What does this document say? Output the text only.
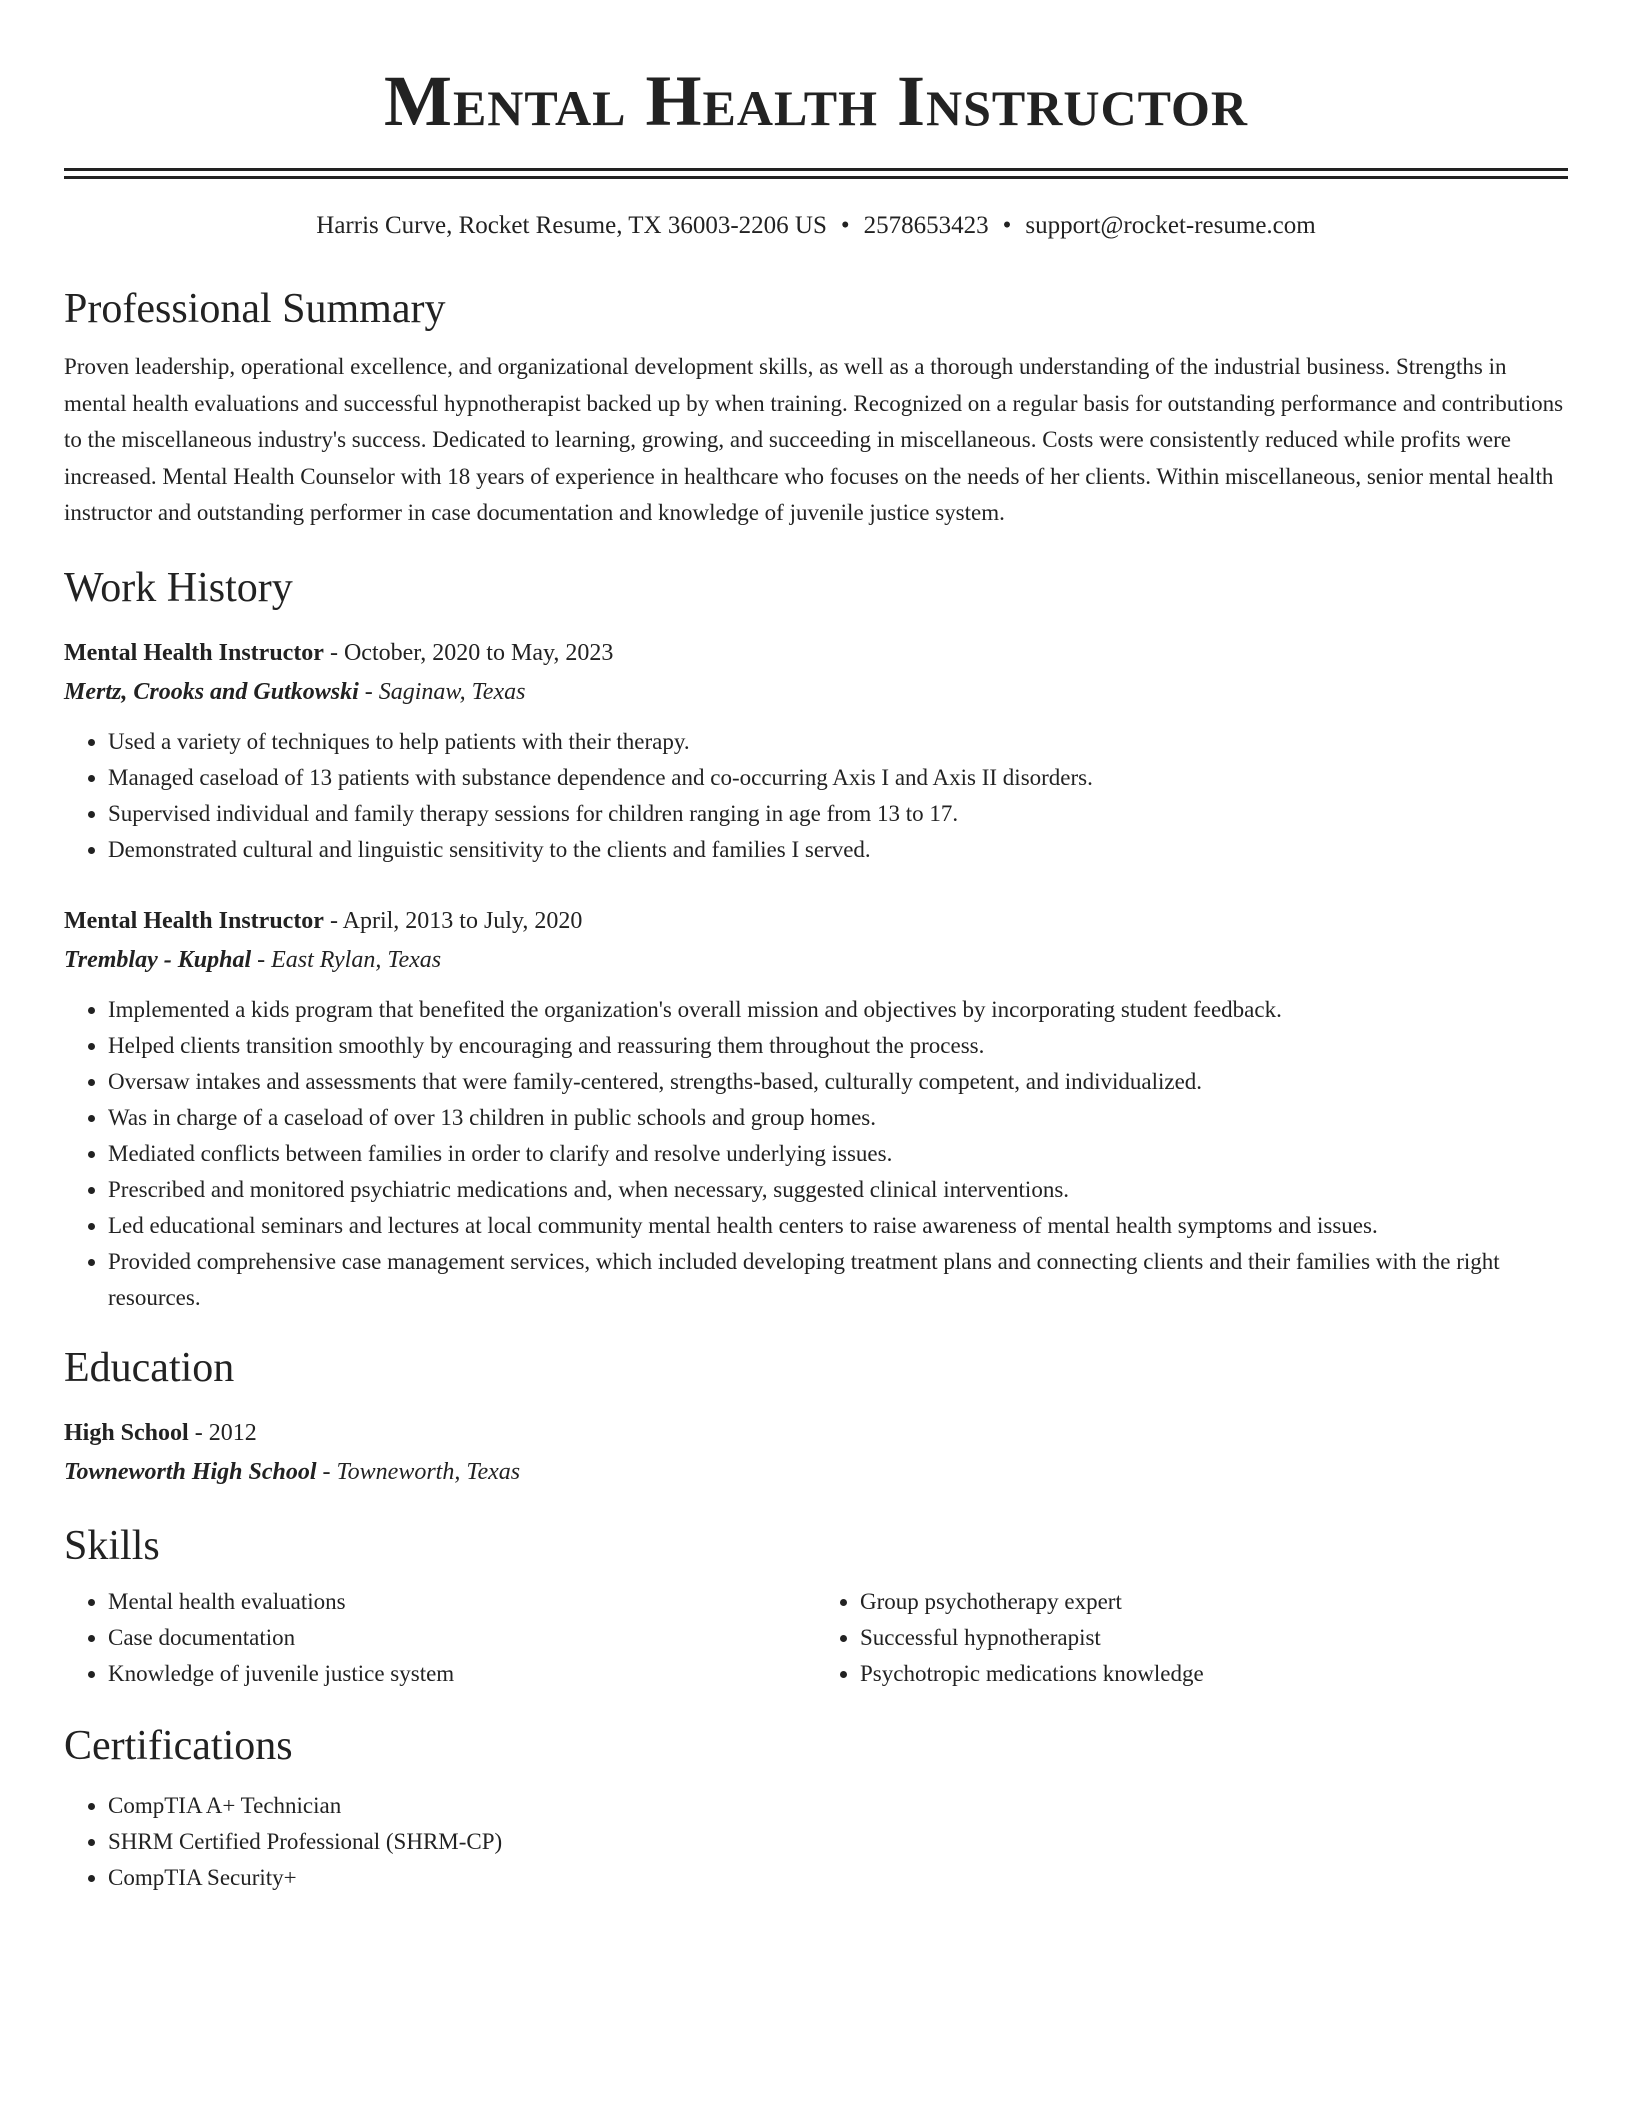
Mental Health Instructor
Harris Curve, Rocket Resume, TX 36003-2206 US • 2578653423 • support@rocket-resume.com
Professional Summary
Proven leadership, operational excellence, and organizational development skills, as well as a thorough understanding of the industrial business. Strengths in mental health evaluations and successful hypnotherapist backed up by when training. Recognized on a regular basis for outstanding performance and contributions to the miscellaneous industry's success. Dedicated to learning, growing, and succeeding in miscellaneous. Costs were consistently reduced while profits were increased. Mental Health Counselor with 18 years of experience in healthcare who focuses on the needs of her clients. Within miscellaneous, senior mental health instructor and outstanding performer in case documentation and knowledge of juvenile justice system.
Work History
Mental Health Instructor - October, 2020 to May, 2023
Mertz, Crooks and Gutkowski - Saginaw, Texas
• Used a variety of techniques to help patients with their therapy.
• Managed caseload of 13 patients with substance dependence and co-occurring Axis I and Axis II disorders.
• Supervised individual and family therapy sessions for children ranging in age from 13 to 17.
• Demonstrated cultural and linguistic sensitivity to the clients and families I served.
Mental Health Instructor - April, 2013 to July, 2020
Tremblay - Kuphal - East Rylan, Texas
• Implemented a kids program that benefited the organization's overall mission and objectives by incorporating student feedback.
• Helped clients transition smoothly by encouraging and reassuring them throughout the process.
• Oversaw intakes and assessments that were family-centered, strengths-based, culturally competent, and individualized.
• Was in charge of a caseload of over 13 children in public schools and group homes.
• Mediated conflicts between families in order to clarify and resolve underlying issues.
• Prescribed and monitored psychiatric medications and, when necessary, suggested clinical interventions.
• Led educational seminars and lectures at local community mental health centers to raise awareness of mental health symptoms and issues.
• Provided comprehensive case management services, which included developing treatment plans and connecting clients and their families with the right resources.
Education
High School - 2012
Towneworth High School - Towneworth, Texas
Skills
• Mental health evaluations
• Case documentation
• Knowledge of juvenile justice system
• Group psychotherapy expert
• Successful hypnotherapist
• Psychotropic medications knowledge
Certifications
• CompTIA A+ Technician
• SHRM Certified Professional (SHRM-CP)
• CompTIA Security+
